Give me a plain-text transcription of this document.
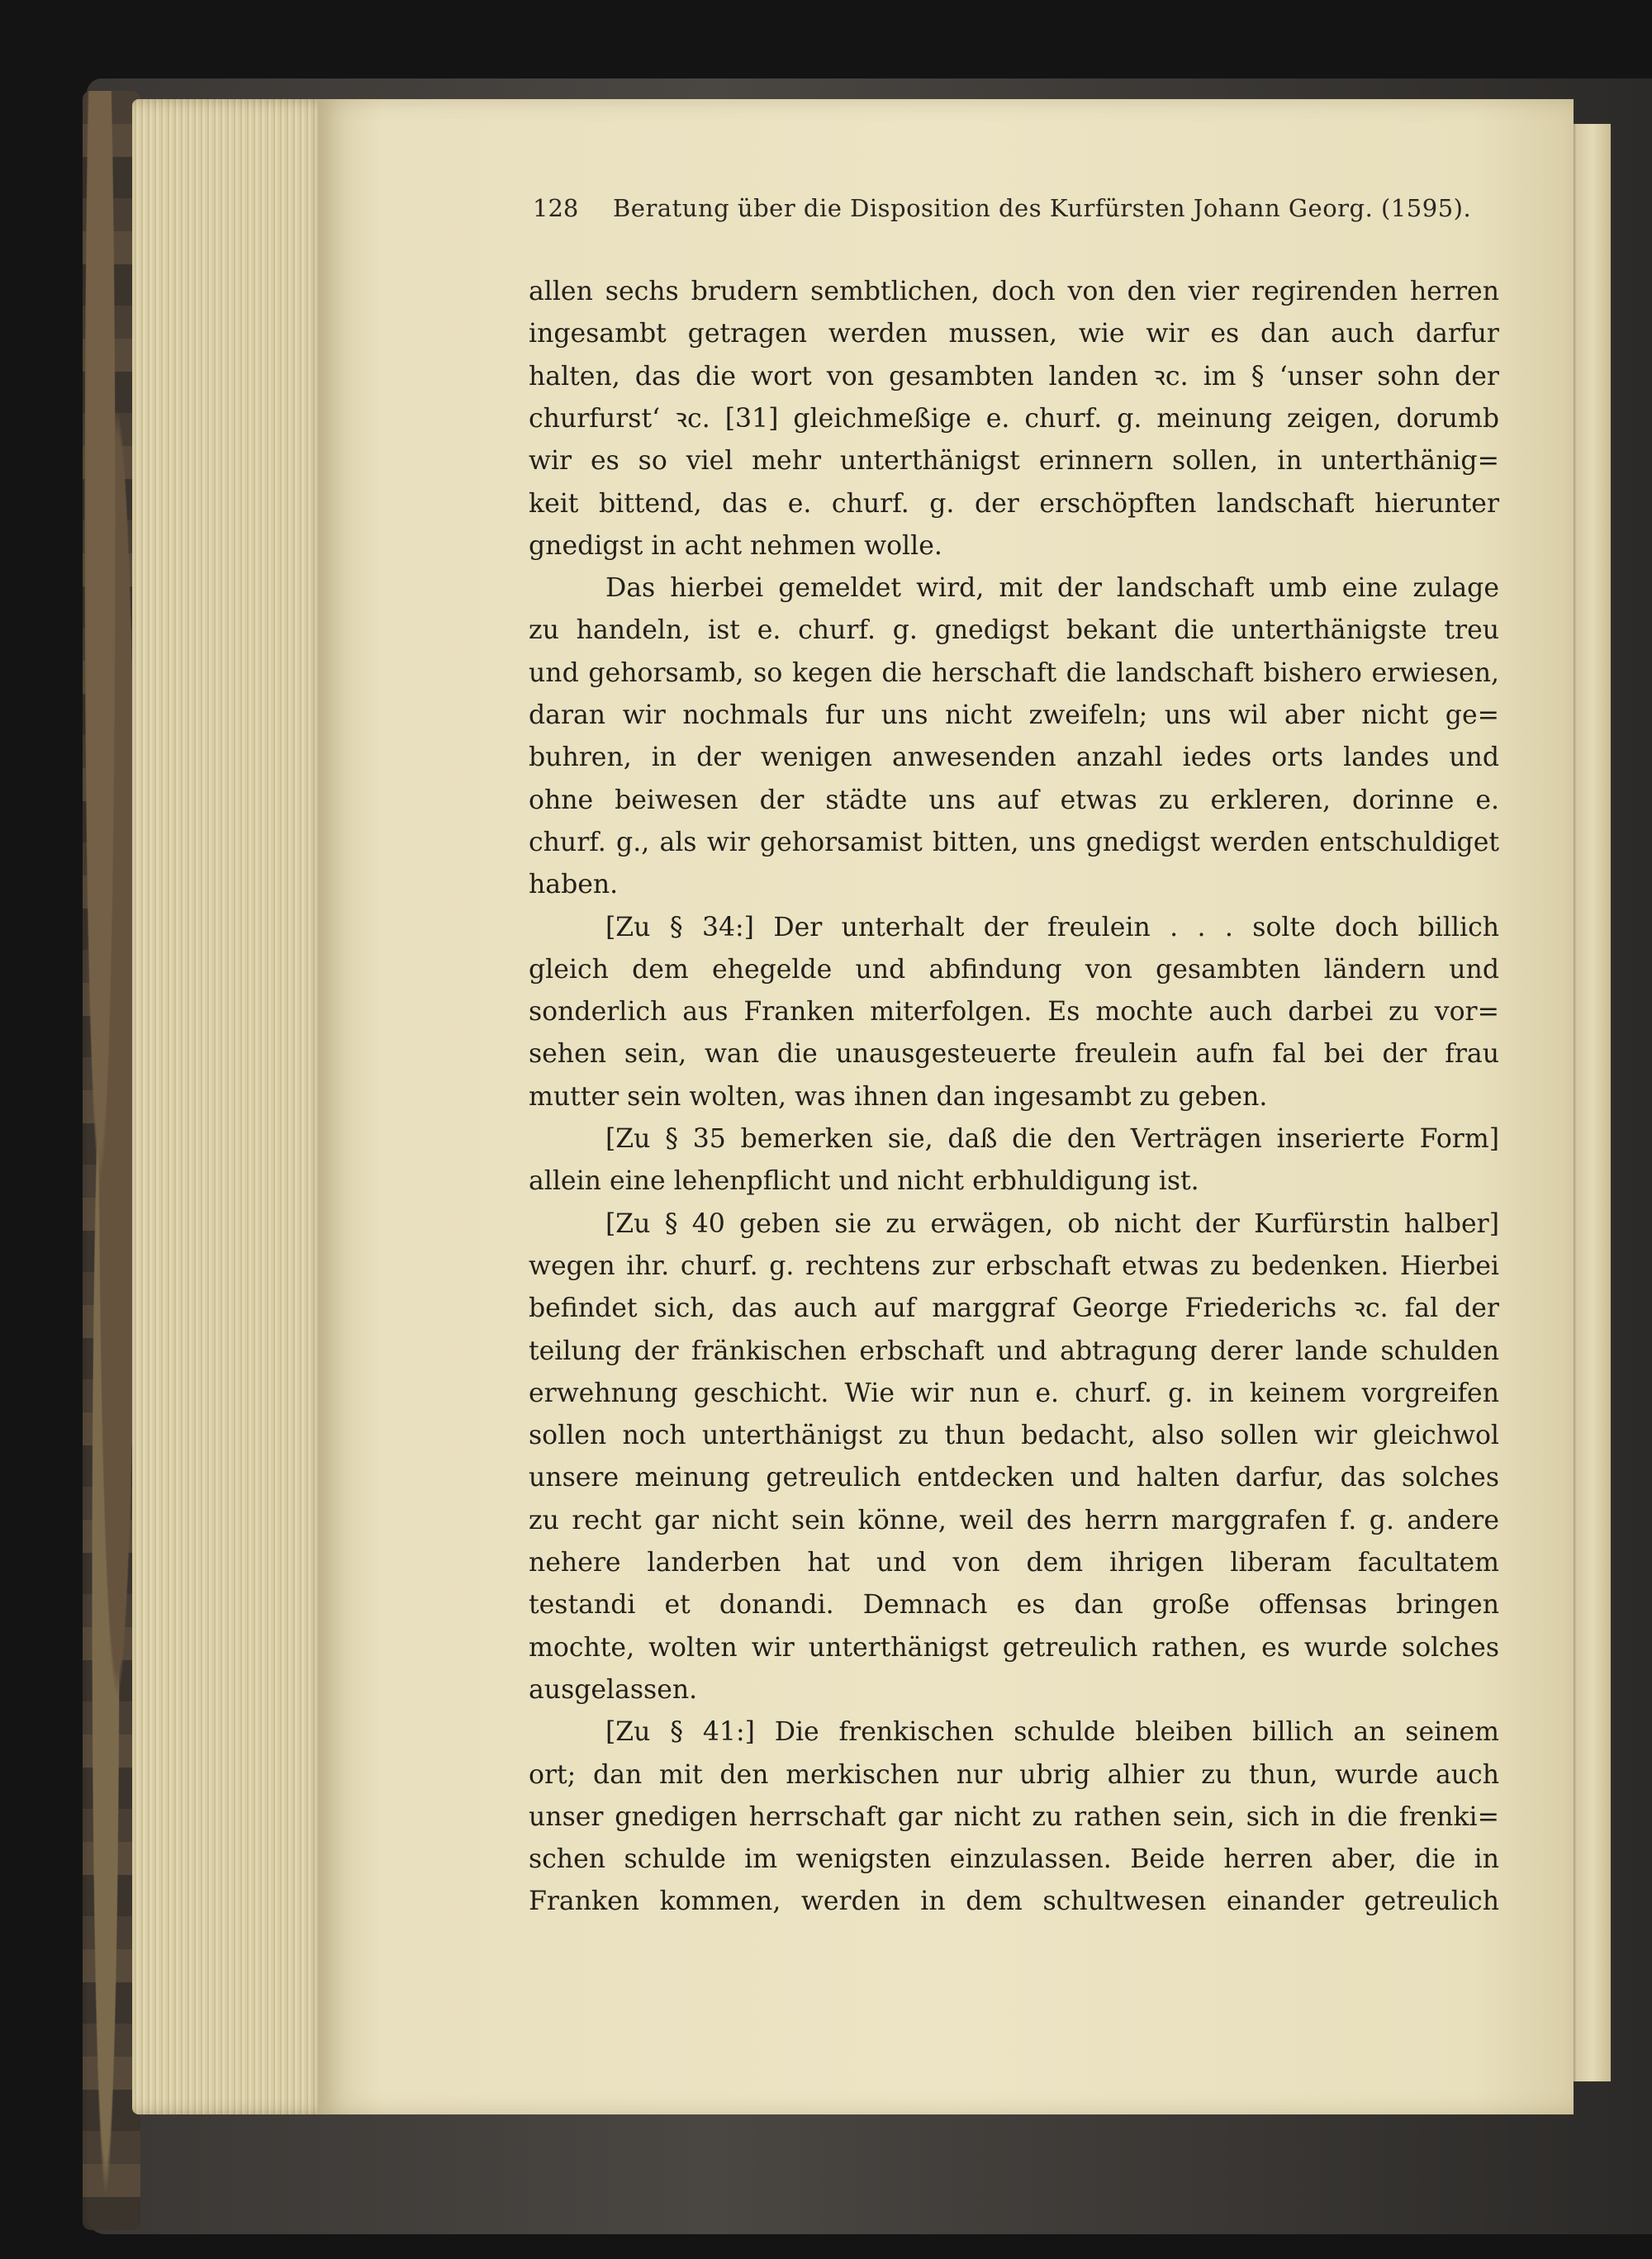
128 Beratung über die Disposition des Kurfürsten Johann Georg. (1595).
allen sechs brudern sembtlichen, doch von den vier regirenden herren
ingesambt getragen werden mussen, wie wir es dan auch darfur
halten, das die wort von gesambten landen ꝛc. im § ‘unser sohn der
churfurst‘ ꝛc. [31] gleichmeßige e. churf. g. meinung zeigen, dorumb
wir es so viel mehr unterthänigst erinnern sollen, in unterthänig=
keit bittend, das e. churf. g. der erschöpften landschaft hierunter
gnedigst in acht nehmen wolle.
Das hierbei gemeldet wird, mit der landschaft umb eine zulage
zu handeln, ist e. churf. g. gnedigst bekant die unterthänigste treu
und gehorsamb, so kegen die herschaft die landschaft bishero erwiesen,
daran wir nochmals fur uns nicht zweifeln; uns wil aber nicht ge=
buhren, in der wenigen anwesenden anzahl iedes orts landes und
ohne beiwesen der städte uns auf etwas zu erkleren, dorinne e.
churf. g., als wir gehorsamist bitten, uns gnedigst werden entschuldiget
haben.
[Zu § 34:] Der unterhalt der freulein . . . solte doch billich
gleich dem ehegelde und abfindung von gesambten ländern und
sonderlich aus Franken miterfolgen. Es mochte auch darbei zu vor=
sehen sein, wan die unausgesteuerte freulein aufn fal bei der frau
mutter sein wolten, was ihnen dan ingesambt zu geben.
[Zu § 35 bemerken sie, daß die den Verträgen inserierte Form]
allein eine lehenpflicht und nicht erbhuldigung ist.
[Zu § 40 geben sie zu erwägen, ob nicht der Kurfürstin halber]
wegen ihr. churf. g. rechtens zur erbschaft etwas zu bedenken. Hierbei
befindet sich, das auch auf marggraf George Friederichs ꝛc. fal der
teilung der fränkischen erbschaft und abtragung derer lande schulden
erwehnung geschicht. Wie wir nun e. churf. g. in keinem vorgreifen
sollen noch unterthänigst zu thun bedacht, also sollen wir gleichwol
unsere meinung getreulich entdecken und halten darfur, das solches
zu recht gar nicht sein könne, weil des herrn marggrafen f. g. andere
nehere landerben hat und von dem ihrigen liberam facultatem
testandi et donandi. Demnach es dan große offensas bringen
mochte, wolten wir unterthänigst getreulich rathen, es wurde solches
ausgelassen.
[Zu § 41:] Die frenkischen schulde bleiben billich an seinem
ort; dan mit den merkischen nur ubrig alhier zu thun, wurde auch
unser gnedigen herrschaft gar nicht zu rathen sein, sich in die frenki=
schen schulde im wenigsten einzulassen. Beide herren aber, die in
Franken kommen, werden in dem schultwesen einander getreulich
